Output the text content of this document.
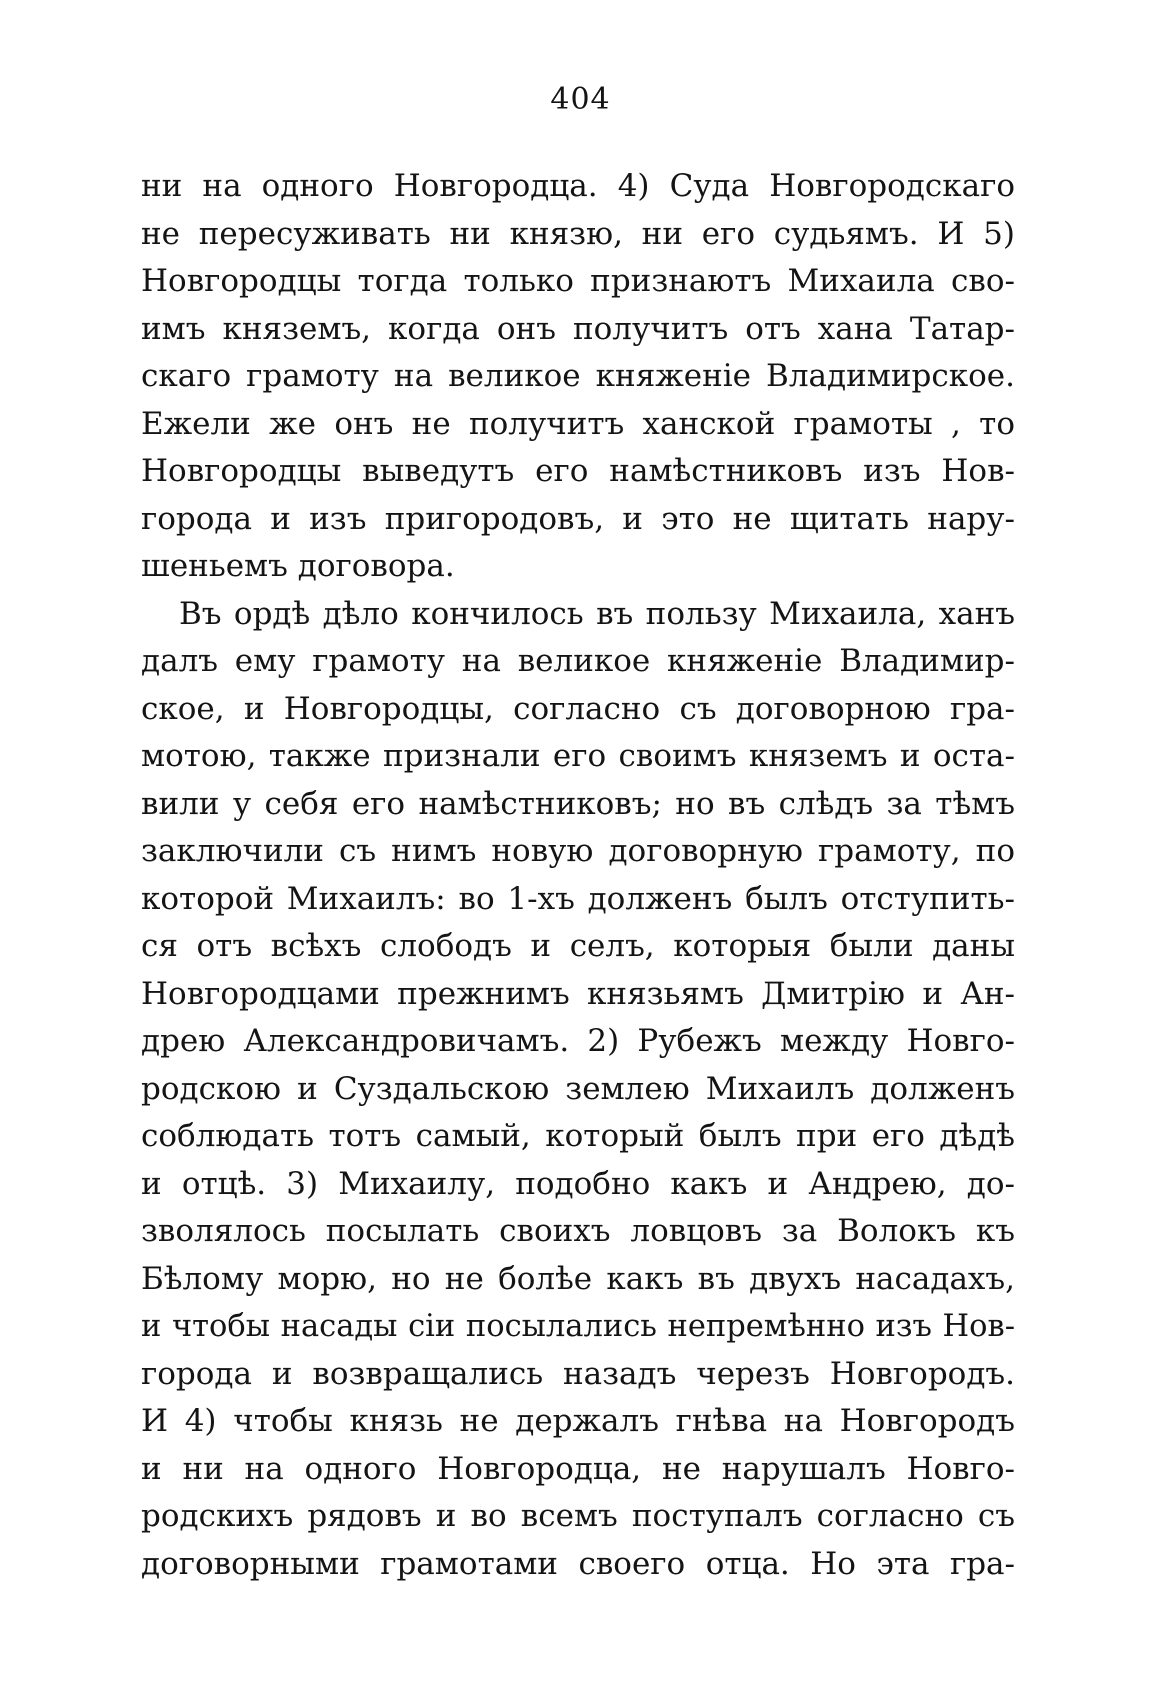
404
ни на одного Новгородца. 4) Суда Новгородскаго
не пересуживать ни князю, ни его судьямъ. И 5)
Новгородцы тогда только признаютъ Михаила сво-
имъ княземъ, когда онъ получитъ отъ хана Татар-
скаго грамоту на великое княженіе Владимирское.
Ежели же онъ не получитъ ханской грамоты , то
Новгородцы выведутъ его намѣстниковъ изъ Нов-
города и изъ пригородовъ, и это не щитать нару-
шеньемъ договора.
Въ ордѣ дѣло кончилось въ пользу Михаила, ханъ
далъ ему грамоту на великое княженіе Владимир-
ское, и Новгородцы, согласно съ договорною гра-
мотою, также признали его своимъ княземъ и оста-
вили у себя его намѣстниковъ; но въ слѣдъ за тѣмъ
заключили съ нимъ новую договорную грамоту, по
которой Михаилъ: во 1-хъ долженъ былъ отступить-
ся отъ всѣхъ слободъ и селъ, которыя были даны
Новгородцами прежнимъ князьямъ Дмитрію и Ан-
дрею Александровичамъ. 2) Рубежъ между Новго-
родскою и Суздальскою землею Михаилъ долженъ
соблюдать тотъ самый, который былъ при его дѣдѣ
и отцѣ. 3) Михаилу, подобно какъ и Андрею, до-
зволялось посылать своихъ ловцовъ за Волокъ къ
Бѣлому морю, но не болѣе какъ въ двухъ насадахъ,
и чтобы насады сіи посылались непремѣнно изъ Нов-
города и возвращались назадъ черезъ Новгородъ.
И 4) чтобы князь не держалъ гнѣва на Новгородъ
и ни на одного Новгородца, не нарушалъ Новго-
родскихъ рядовъ и во всемъ поступалъ согласно съ
договорными грамотами своего отца. Но эта гра-
